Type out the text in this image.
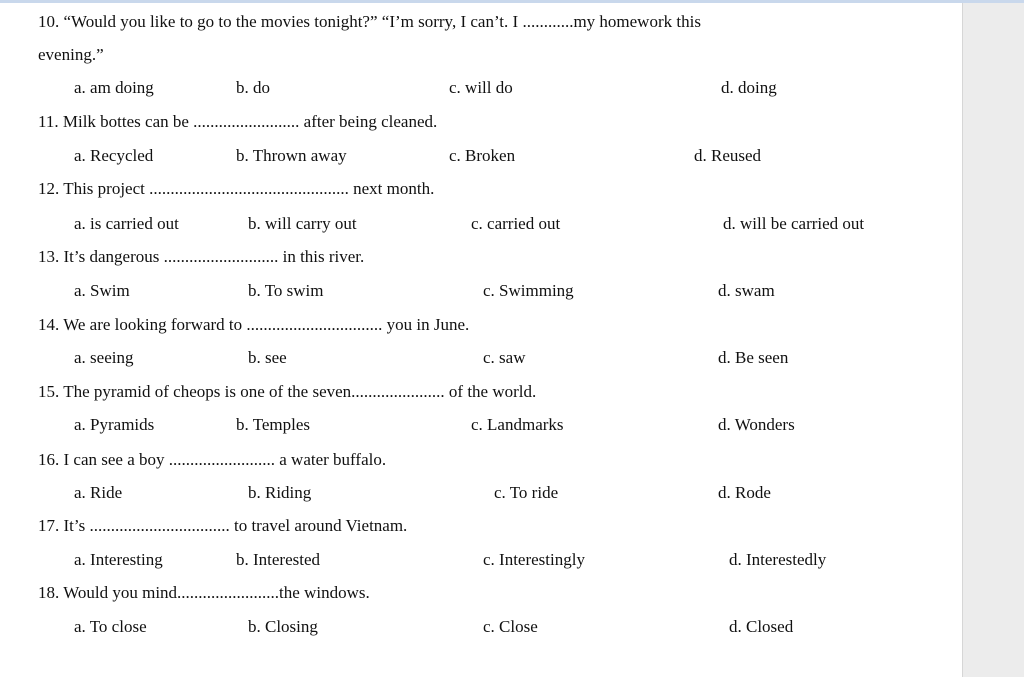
10. “Would you like to go to the movies tonight?” “I’m sorry, I can’t. I ............my homework this
evening.”
a. am doing	b. do	c. will do	d. doing
11. Milk bottes can be ......................... after being cleaned.
a. Recycled	b. Thrown away	c. Broken	d. Reused
12. This project ............................................... next month.
a. is carried out	b. will carry out	c. carried out	d. will be carried out
13. It’s dangerous ........................... in this river.
a. Swim	b. To swim	c. Swimming	d. swam
14. We are looking forward to ................................ you in June.
a. seeing	b. see	c. saw	d. Be seen
15. The pyramid of cheops is one of the seven...................... of the world.
a. Pyramids	b. Temples	c. Landmarks	d. Wonders
16. I can see a boy ......................... a water buffalo.
a. Ride	b. Riding	c. To ride	d. Rode
17. It’s ................................. to travel around Vietnam.
a. Interesting	b. Interested	c. Interestingly	d. Interestedly
18. Would you mind........................the windows.
a. To close	b. Closing	c. Close	d. Closed
